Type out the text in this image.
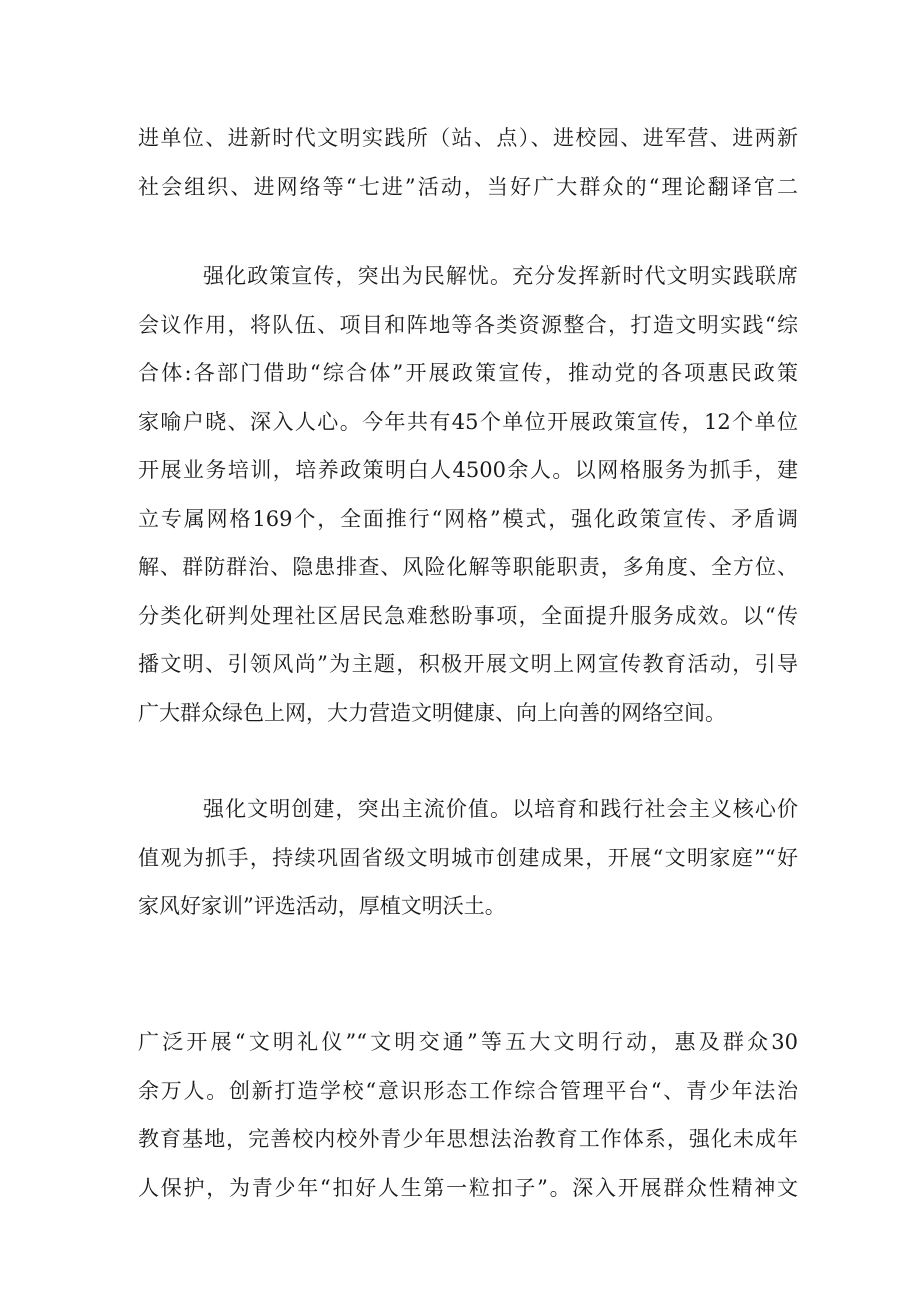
进单位、进新时代文明实践所（站、点）、进校园、进军营、进两新
社会组织、进网络等“七进”活动，当好广大群众的“理论翻译官二
强化政策宣传，突出为民解忧。充分发挥新时代文明实践联席
会议作用，将队伍、项目和阵地等各类资源整合，打造文明实践“综
合体:各部门借助“综合体”开展政策宣传，推动党的各项惠民政策
家喻户晓、深入人心。今年共有45个单位开展政策宣传，12个单位
开展业务培训，培养政策明白人4500余人。以网格服务为抓手，建
立专属网格169个，全面推行“网格”模式，强化政策宣传、矛盾调
解、群防群治、隐患排查、风险化解等职能职责，多角度、全方位、
分类化研判处理社区居民急难愁盼事项，全面提升服务成效。以“传
播文明、引领风尚”为主题，积极开展文明上网宣传教育活动，引导
广大群众绿色上网，大力营造文明健康、向上向善的网络空间。
强化文明创建，突出主流价值。以培育和践行社会主义核心价
值观为抓手，持续巩固省级文明城市创建成果，开展“文明家庭”“好
家风好家训”评选活动，厚植文明沃土。
广泛开展“文明礼仪”“文明交通”等五大文明行动，惠及群众30
余万人。创新打造学校“意识形态工作综合管理平台“、青少年法治
教育基地，完善校内校外青少年思想法治教育工作体系，强化未成年
人保护，为青少年“扣好人生第一粒扣子”。深入开展群众性精神文
